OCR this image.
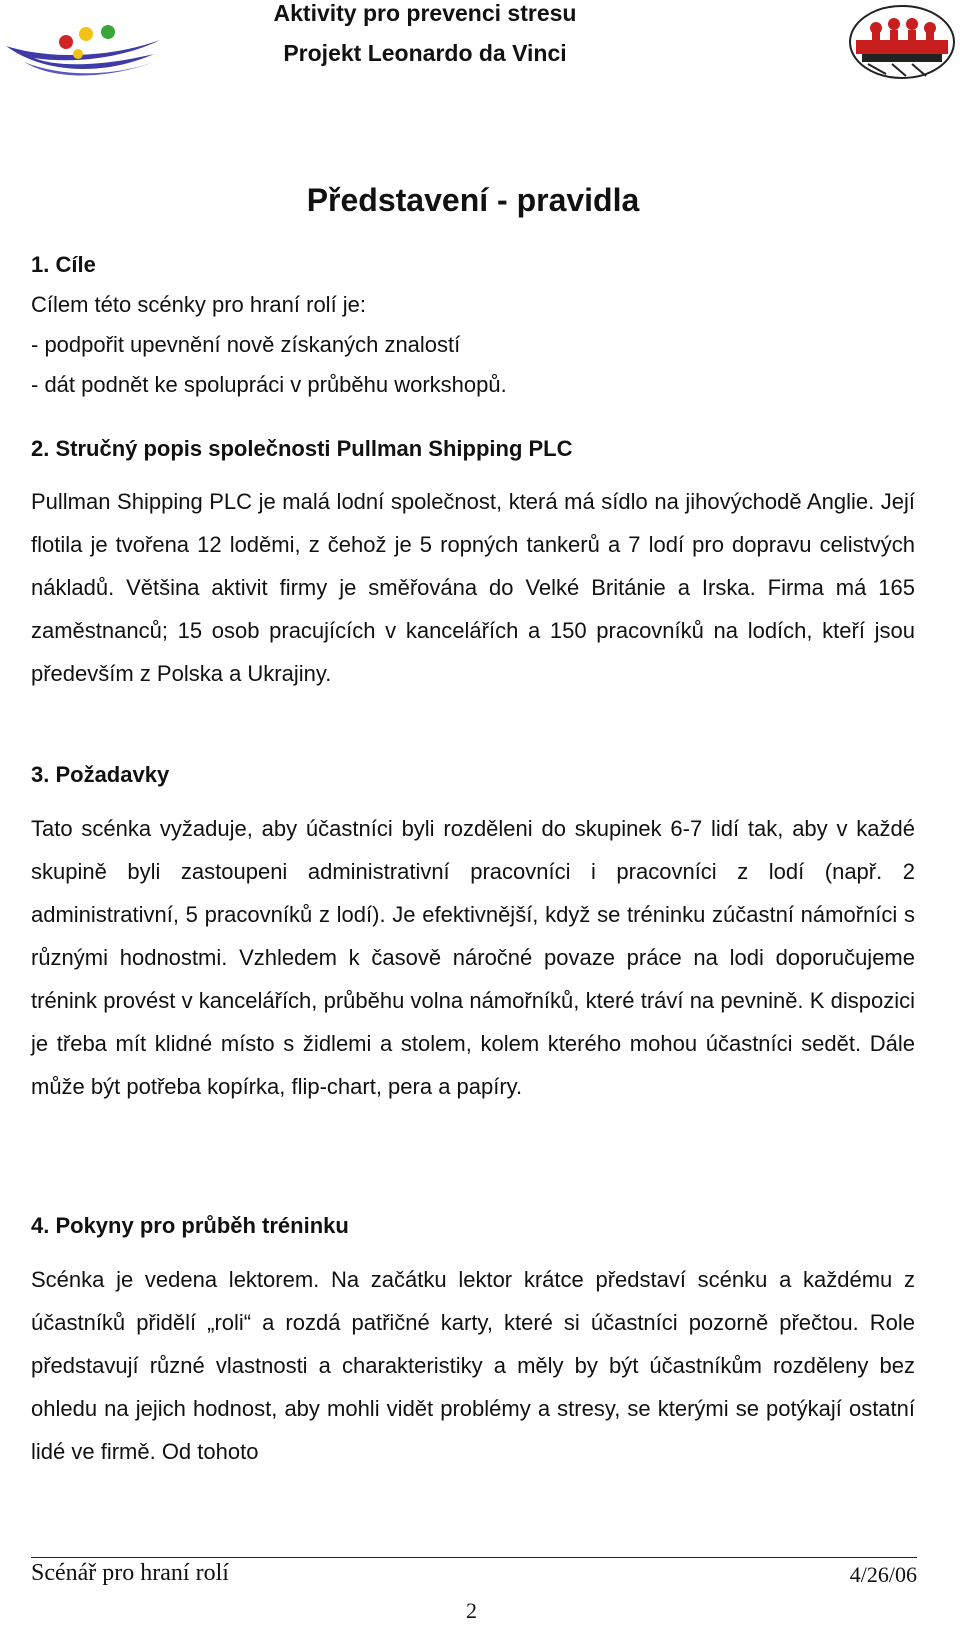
Aktivity pro prevenci stresu
Projekt Leonardo da Vinci
Představení - pravidla
1. Cíle
Cílem této scénky pro hraní rolí je:
- podpořit upevnění nově získaných znalostí
- dát podnět ke spolupráci v průběhu workshopů.
2. Stručný popis společnosti Pullman Shipping PLC

Pullman Shipping PLC je malá lodní společnost, která má sídlo na jihovýchodě Anglie. Její flotila je tvořena 12 loděmi, z čehož je 5 ropných tankerů a 7 lodí pro dopravu celistvých nákladů. Většina aktivit firmy je směřována do Velké Británie a Irska. Firma má 165 zaměstnanců; 15 osob pracujících v kancelářích a 150 pracovníků na lodích, kteří jsou především z Polska a Ukrajiny.

3. Požadavky

Tato scénka vyžaduje, aby účastníci byli rozděleni do skupinek 6-7 lidí tak, aby v každé skupině byli zastoupeni administrativní pracovníci i pracovníci z lodí (např. 2 administrativní, 5 pracovníků z lodí). Je efektivnější, když se tréninku zúčastní námořníci s různými hodnostmi. Vzhledem k časově náročné povaze práce na lodi doporučujeme trénink provést v kancelářích, průběhu volna námořníků, které tráví na pevnině. K dispozici je třeba mít klidné místo s židlemi a stolem, kolem kterého mohou účastníci sedět. Dále může být potřeba kopírka, flip-chart, pera a papíry.

4. Pokyny pro průběh tréninku

Scénka je vedena lektorem. Na začátku lektor krátce představí scénku a každému z účastníků přidělí „roli“ a rozdá patřičné karty, které si účastníci pozorně přečtou. Role představují různé vlastnosti a charakteristiky a měly by být účastníkům rozděleny bez ohledu na jejich hodnost, aby mohli vidět problémy a stresy, se kterými se potýkají ostatní lidé ve firmě. Od tohoto

Scénář pro hraní rolí	4/26/06
2
